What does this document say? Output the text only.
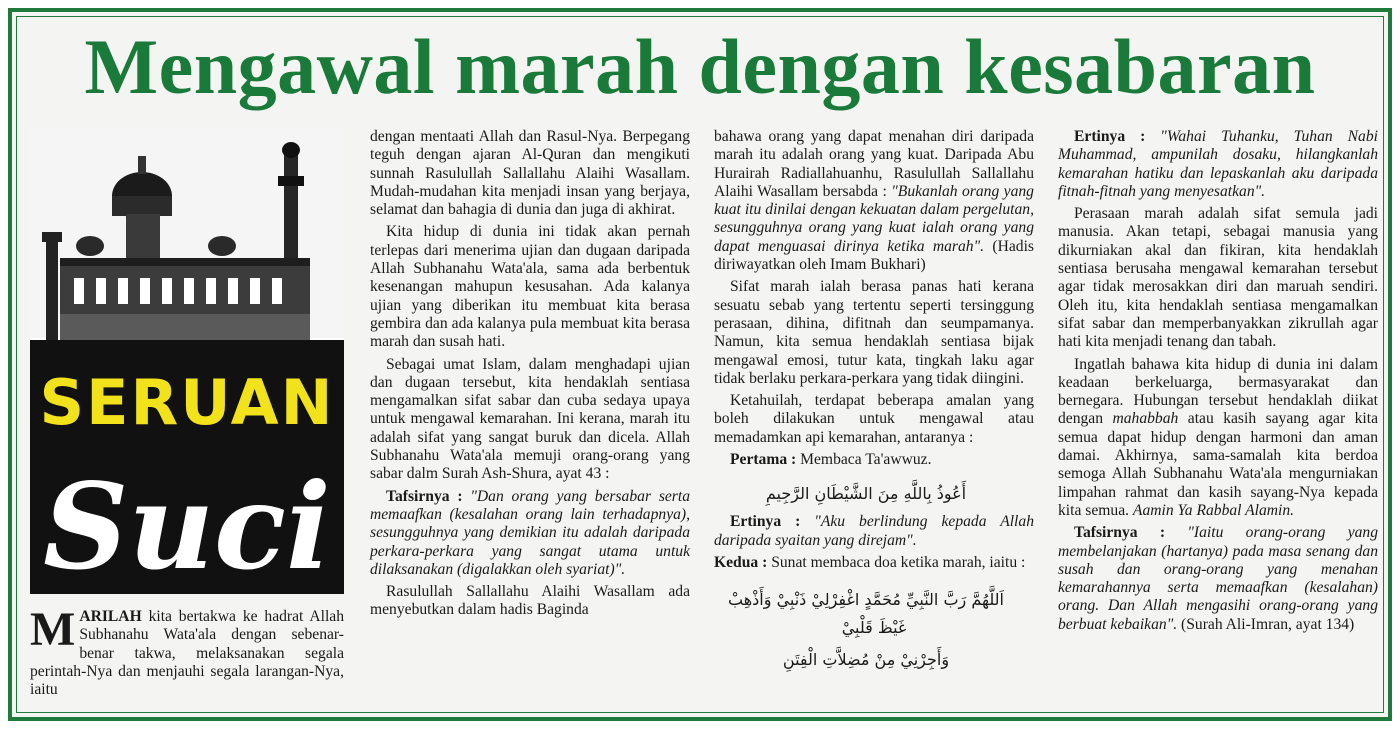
Mengawal marah dengan kesabaran
SERUAN
Suci

MARILAH kita bertakwa ke hadrat Allah Subhanahu Wata'ala dengan sebenar-benar takwa, melaksanakan segala perintah-Nya dan menjauhi segala larangan-Nya, iaitu

dengan mentaati Allah dan Rasul-Nya. Berpegang teguh dengan ajaran Al-Quran dan mengikuti sunnah Rasulullah Sallallahu Alaihi Wasallam. Mudah-mudahan kita menjadi insan yang berjaya, selamat dan bahagia di dunia dan juga di akhirat.

Kita hidup di dunia ini tidak akan pernah terlepas dari menerima ujian dan dugaan daripada Allah Subhanahu Wata'ala, sama ada berbentuk kesenangan mahupun kesusahan. Ada kalanya ujian yang diberikan itu membuat kita berasa gembira dan ada kalanya pula membuat kita berasa marah dan susah hati.

Sebagai umat Islam, dalam menghadapi ujian dan dugaan tersebut, kita hendaklah sentiasa mengamalkan sifat sabar dan cuba sedaya upaya untuk mengawal kemarahan. Ini kerana, marah itu adalah sifat yang sangat buruk dan dicela. Allah Subhanahu Wata'ala memuji orang-orang yang sabar dalm Surah Ash-Shura, ayat 43 :

Tafsirnya : "Dan orang yang bersabar serta memaafkan (kesalahan orang lain terhadapnya), sesungguhnya yang demikian itu adalah daripada perkara-perkara yang sangat utama untuk dilaksanakan (digalakkan oleh syariat)".

Rasulullah Sallallahu Alaihi Wasallam ada menyebutkan dalam hadis Baginda

bahawa orang yang dapat menahan diri daripada marah itu adalah orang yang kuat. Daripada Abu Hurairah Radiallahuanhu, Rasulullah Sallallahu Alaihi Wasallam bersabda : "Bukanlah orang yang kuat itu dinilai dengan kekuatan dalam pergelutan, sesungguhnya orang yang kuat ialah orang yang dapat menguasai dirinya ketika marah". (Hadis diriwayatkan oleh Imam Bukhari)

Sifat marah ialah berasa panas hati kerana sesuatu sebab yang tertentu seperti tersinggung perasaan, dihina, difitnah dan seumpamanya. Namun, kita semua hendaklah sentiasa bijak mengawal emosi, tutur kata, tingkah laku agar tidak berlaku perkara-perkara yang tidak diingini.

Ketahuilah, terdapat beberapa amalan yang boleh dilakukan untuk mengawal atau memadamkan api kemarahan, antaranya :

Pertama : Membaca Ta'awwuz.

أَعُوذُ بِاللَّهِ مِنَ الشَّيْطَانِ الرَّجِيمِ

Ertinya : "Aku berlindung kepada Allah daripada syaitan yang direjam".

Kedua : Sunat membaca doa ketika marah, iaitu :

اَللَّهُمَّ رَبَّ النَّبِيِّ مُحَمَّدٍ اغْفِرْلِيْ ذَنْبِيْ وَأَذْهِبْ غَيْظَ قَلْبِيْ

وَأَجِرْنِيْ مِنْ مُضِلاَّتِ الْفِتَنِ

Ertinya : "Wahai Tuhanku, Tuhan Nabi Muhammad, ampunilah dosaku, hilangkanlah kemarahan hatiku dan lepaskanlah aku daripada fitnah-fitnah yang menyesatkan".

Perasaan marah adalah sifat semula jadi manusia. Akan tetapi, sebagai manusia yang dikurniakan akal dan fikiran, kita hendaklah sentiasa berusaha mengawal kemarahan tersebut agar tidak merosakkan diri dan maruah sendiri. Oleh itu, kita hendaklah sentiasa mengamalkan sifat sabar dan memperbanyakkan zikrullah agar hati kita menjadi tenang dan tabah.

Ingatlah bahawa kita hidup di dunia ini dalam keadaan berkeluarga, bermasyarakat dan bernegara. Hubungan tersebut hendaklah diikat dengan mahabbah atau kasih sayang agar kita semua dapat hidup dengan harmoni dan aman damai. Akhirnya, sama-samalah kita berdoa semoga Allah Subhanahu Wata'ala mengurniakan limpahan rahmat dan kasih sayang-Nya kepada kita semua. Aamin Ya Rabbal Alamin.

Tafsirnya : "Iaitu orang-orang yang membelanjakan (hartanya) pada masa senang dan susah dan orang-orang yang menahan kemarahannya serta memaafkan (kesalahan) orang. Dan Allah mengasihi orang-orang yang berbuat kebaikan". (Surah Ali-Imran, ayat 134)
